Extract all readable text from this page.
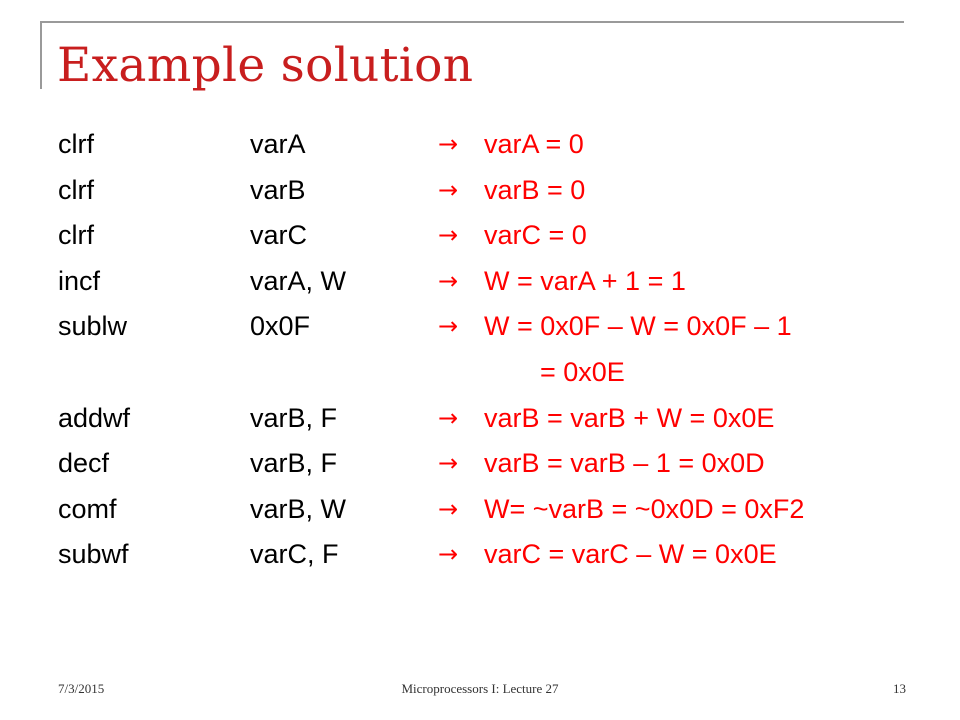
Example solution
clrf	varA	→ varA = 0
clrf	varB	→ varB = 0
clrf	varC	→ varC = 0
incf	varA, W	→ W = varA + 1 = 1
sublw	0x0F	→ W = 0x0F – W = 0x0F – 1
= 0x0E
addwf	varB, F	→ varB = varB + W = 0x0E
decf	varB, F	→ varB = varB – 1 = 0x0D
comf	varB, W	→ W= ~varB = ~0x0D = 0xF2
subwf	varC, F	→ varC = varC – W = 0x0E
7/3/2015	Microprocessors I: Lecture 27	13
